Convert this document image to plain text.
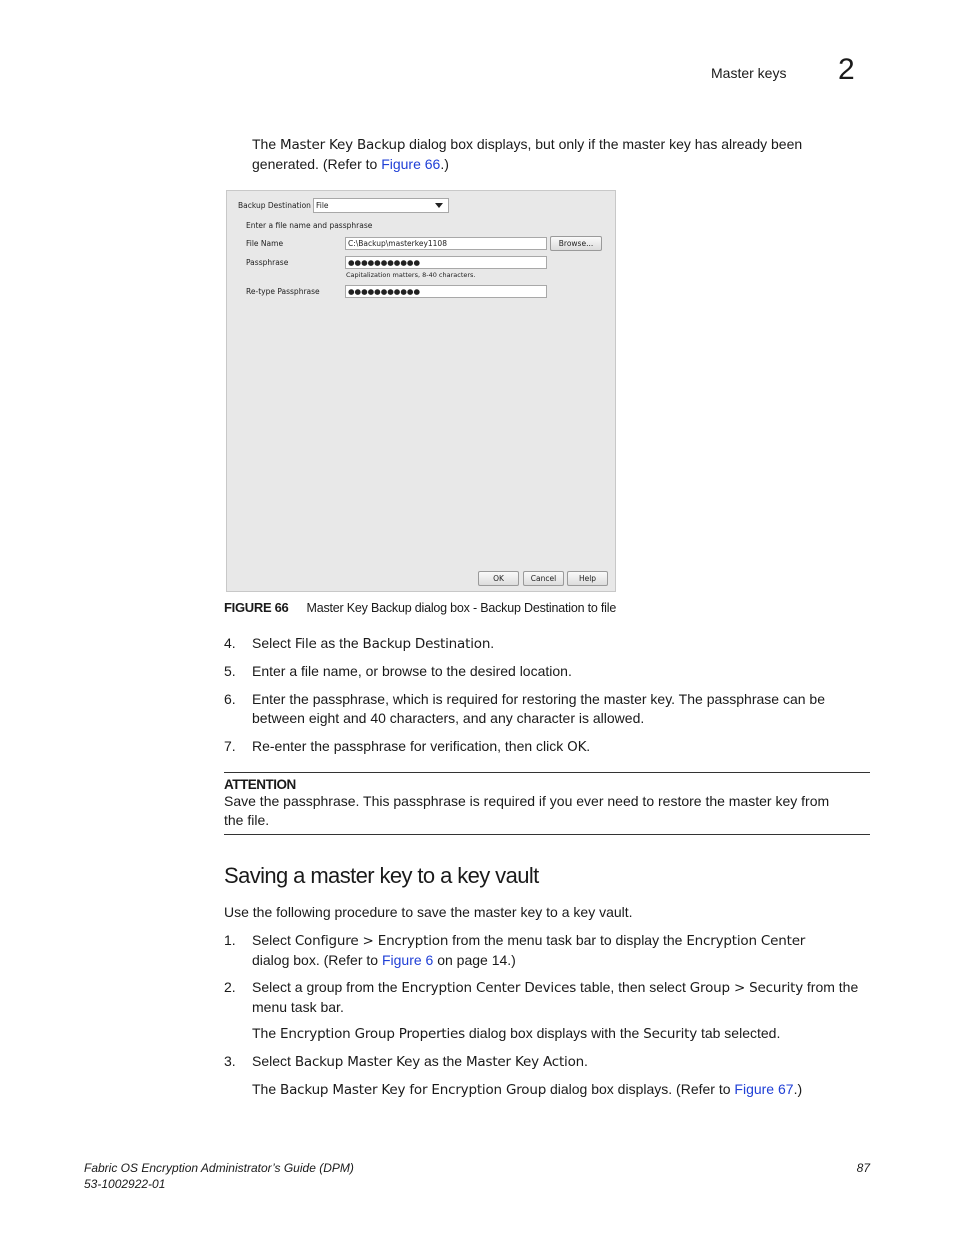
Master keys 2
The Master Key Backup dialog box displays, but only if the master key has already been
generated. (Refer to Figure 66.)
Backup Destination File
Enter a file name and passphrase
File Name	C:\Backup\masterkey1108	Browse...
Passphrase	●●●●●●●●●●●
Capitalization matters, 8-40 characters.
Re-type Passphrase	●●●●●●●●●●●
OK	Cancel	Help
FIGURE 66 Master Key Backup dialog box - Backup Destination to file
4.	Select File as the Backup Destination.
5.	Enter a file name, or browse to the desired location.
6.	Enter the passphrase, which is required for restoring the master key. The passphrase can be
between eight and 40 characters, and any character is allowed.
7.	Re-enter the passphrase for verification, then click OK.
ATTENTION
Save the passphrase. This passphrase is required if you ever need to restore the master key from
the file.
Saving a master key to a key vault
Use the following procedure to save the master key to a key vault.
1.	Select Configure > Encryption from the menu task bar to display the Encryption Center
dialog box. (Refer to Figure 6 on page 14.)
2.	Select a group from the Encryption Center Devices table, then select Group > Security from the
menu task bar.
The Encryption Group Properties dialog box displays with the Security tab selected.
3.	Select Backup Master Key as the Master Key Action.
The Backup Master Key for Encryption Group dialog box displays. (Refer to Figure 67.)
Fabric OS Encryption Administrator’s Guide (DPM)
53-1002922-01
87
